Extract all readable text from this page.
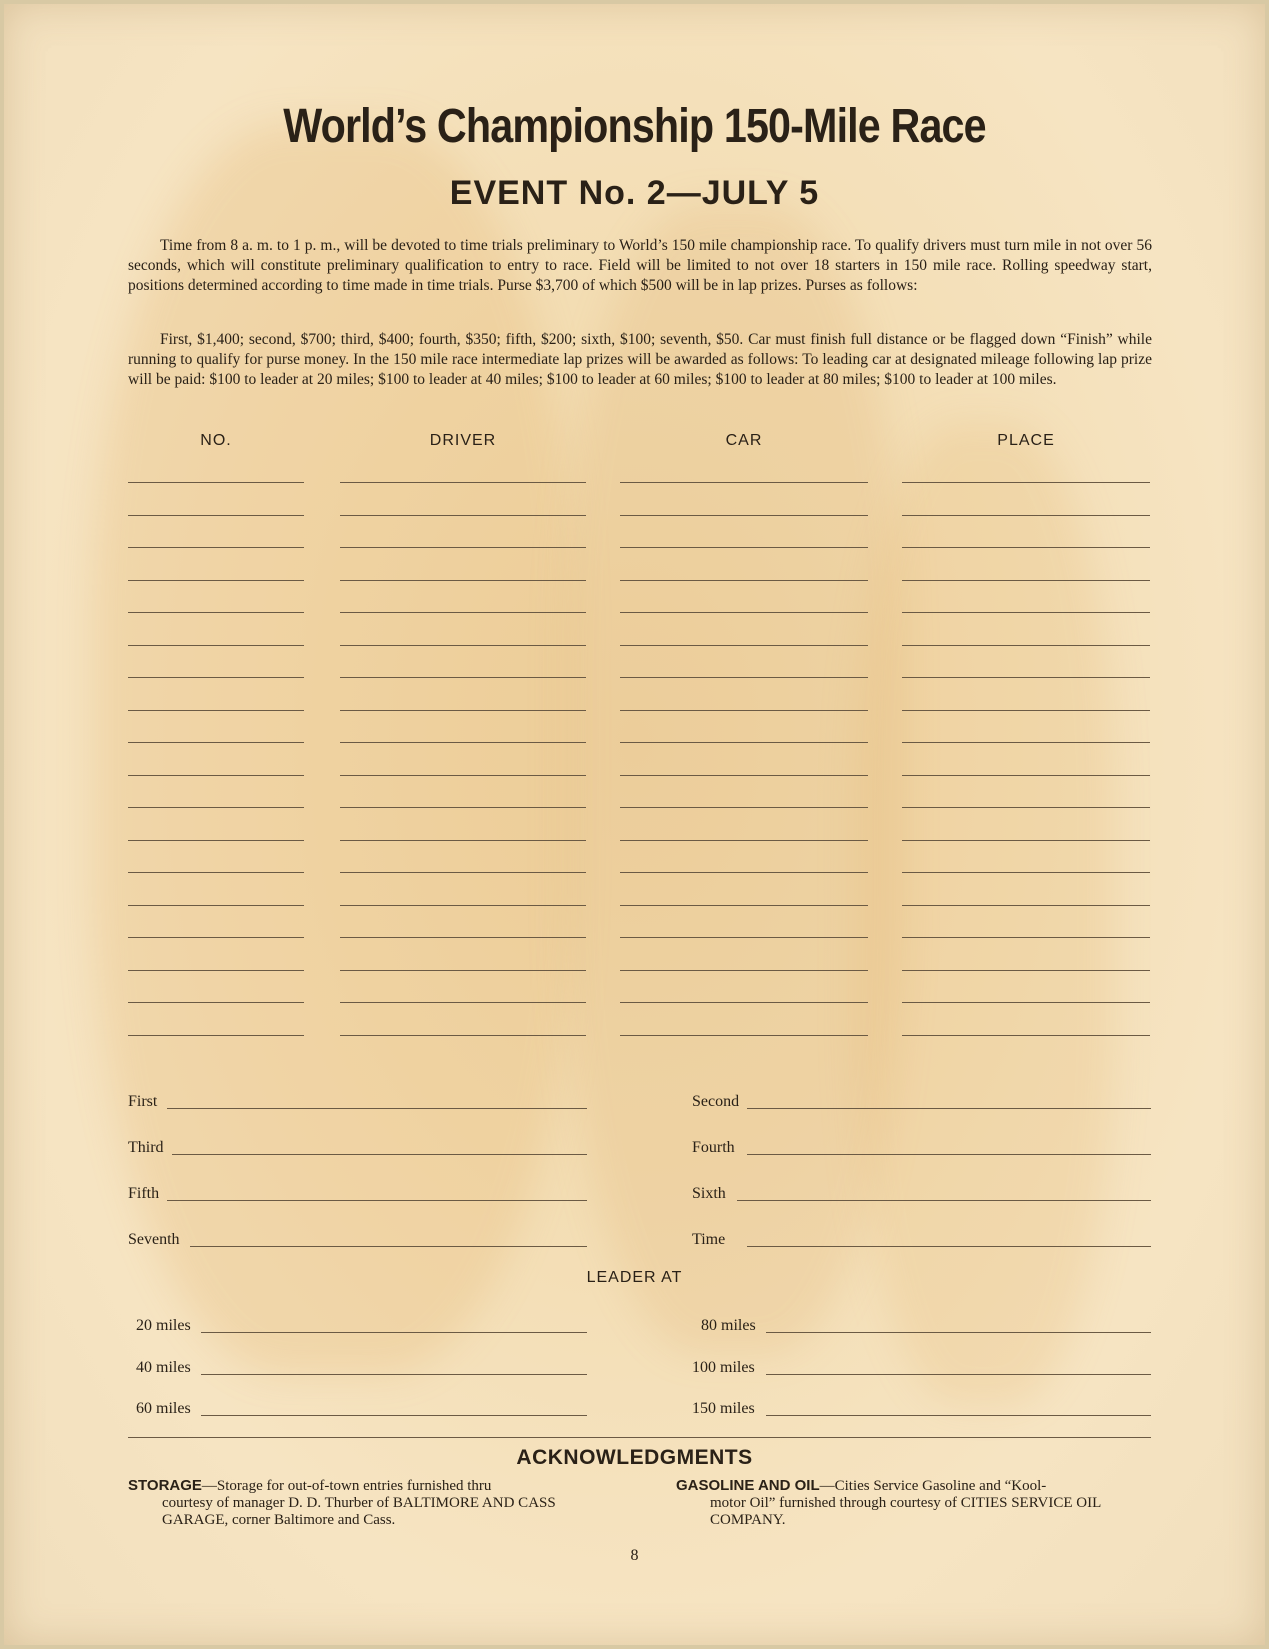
World’s Championship 150-Mile Race
EVENT No. 2—JULY 5
Time from 8 a. m. to 1 p. m., will be devoted to time trials preliminary to World’s 150 mile championship race. To qualify drivers must turn mile in not over 56 seconds, which will constitute preliminary qualification to entry to race. Field will be limited to not over 18 starters in 150 mile race. Rolling speedway start, positions determined according to time made in time trials. Purse $3,700 of which $500 will be in lap prizes. Purses as follows:
First, $1,400; second, $700; third, $400; fourth, $350; fifth, $200; sixth, $100; seventh, $50. Car must finish full distance or be flagged down “Finish” while running to qualify for purse money. In the 150 mile race intermediate lap prizes will be awarded as follows: To leading car at designated mileage following lap prize will be paid: $100 to leader at 20 miles; $100 to leader at 40 miles; $100 to leader at 60 miles; $100 to leader at 80 miles; $100 to leader at 100 miles.
NO.	DRIVER	CAR	PLACE
First	Second
Third	Fourth
Fifth	Sixth
Seventh	Time
LEADER AT
20 miles	80 miles
40 miles	100 miles
60 miles	150 miles
ACKNOWLEDGMENTS
STORAGE—Storage for out-of-town entries furnished thru
courtesy of manager D. D. Thurber of BALTIMORE AND CASS GARAGE, corner Baltimore and Cass.
GASOLINE AND OIL—Cities Service Gasoline and “Kool-
motor Oil” furnished through courtesy of CITIES SERVICE OIL COMPANY.
8
